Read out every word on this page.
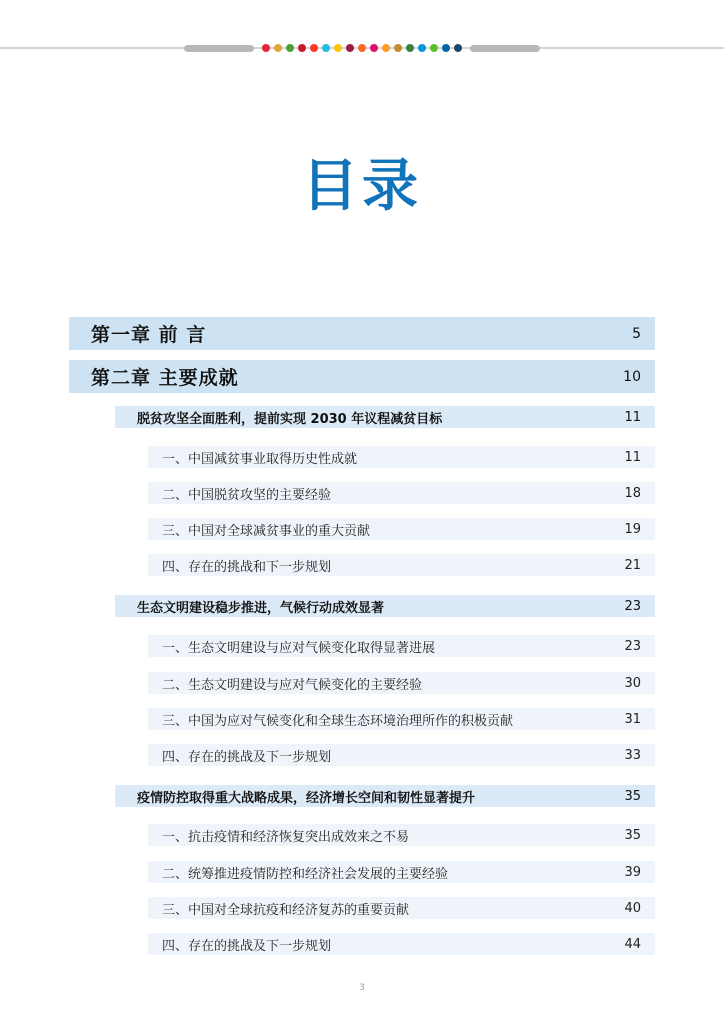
目录
第一章 前 言	5
第二章 主要成就	10
脱贫攻坚全面胜利，提前实现 2030 年议程减贫目标	11
一、中国减贫事业取得历史性成就	11
二、中国脱贫攻坚的主要经验	18
三、中国对全球减贫事业的重大贡献	19
四、存在的挑战和下一步规划	21
生态文明建设稳步推进，气候行动成效显著	23
一、生态文明建设与应对气候变化取得显著进展	23
二、生态文明建设与应对气候变化的主要经验	30
三、中国为应对气候变化和全球生态环境治理所作的积极贡献	31
四、存在的挑战及下一步规划	33
疫情防控取得重大战略成果，经济增长空间和韧性显著提升	35
一、抗击疫情和经济恢复突出成效来之不易	35
二、统筹推进疫情防控和经济社会发展的主要经验	39
三、中国对全球抗疫和经济复苏的重要贡献	40
四、存在的挑战及下一步规划	44
3
